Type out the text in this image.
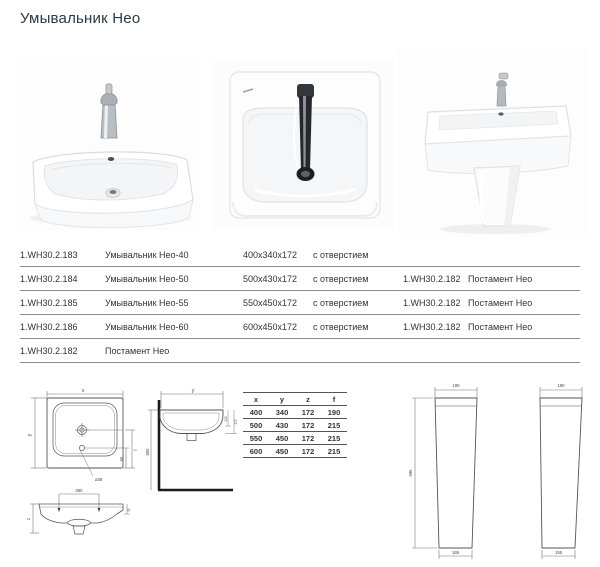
Умывальник Нео
1.WH30.2.183	Умывальник Нео-40	400x340x172 с отверстием
1.WH30.2.184	Умывальник Нео-50	500x430x172 с отверстием	1.WH30.2.182 Постамент Нео
1.WH30.2.185	Умывальник Нео-55	550x450x172 с отверстием	1.WH30.2.182 Постамент Нео
1.WH30.2.186	Умывальник Нео-60	600x450x172 с отверстием	1.WH30.2.182 Постамент Нео
1.WH30.2.182	Постамент Нео
x
y
ø38
f
60
y
850
120
172
280
z
35
x	y	z	f
400	340	172	190
500	430	172	215
550	450	172	215
600	450	172	215
190
696
165
190
155
